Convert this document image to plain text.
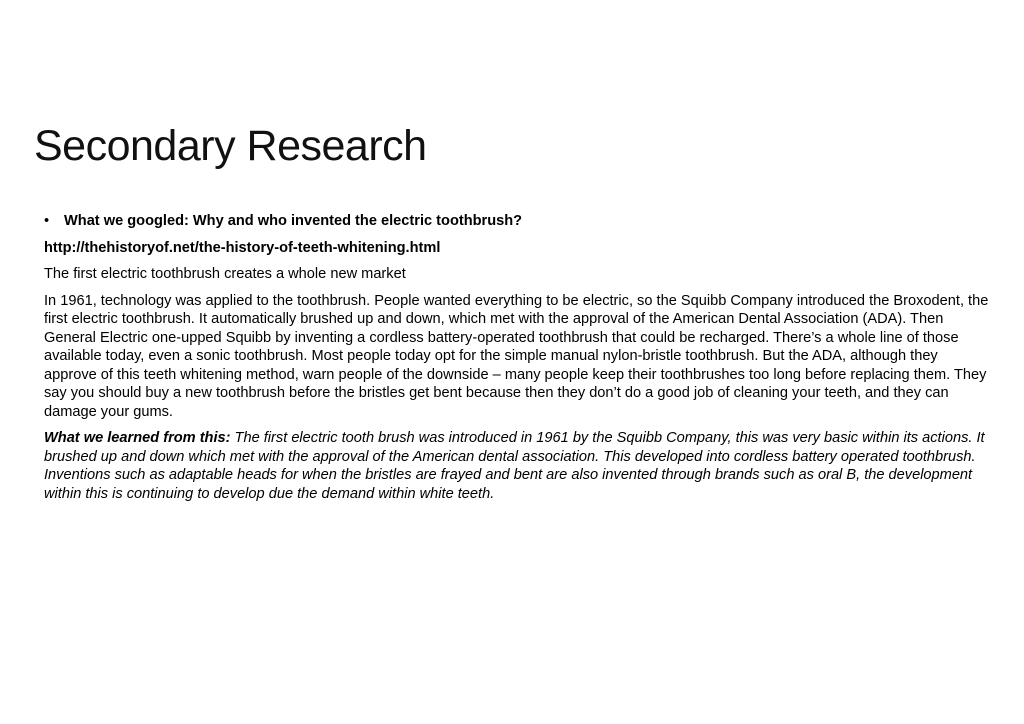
Secondary Research
•	What we googled: Why and who invented the electric toothbrush?

http://thehistoryof.net/the-history-of-teeth-whitening.html

The first electric toothbrush creates a whole new market

In 1961, technology was applied to the toothbrush. People wanted everything to be electric, so the Squibb Company introduced the Broxodent, the first electric toothbrush. It automatically brushed up and down, which met with the approval of the American Dental Association (ADA). Then General Electric one-upped Squibb by inventing a cordless battery-operated toothbrush that could be recharged. There’s a whole line of those available today, even a sonic toothbrush. Most people today opt for the simple manual nylon-bristle toothbrush. But the ADA, although they approve of this teeth whitening method, warn people of the downside – many people keep their toothbrushes too long before replacing them. They say you should buy a new toothbrush before the bristles get bent because then they don’t do a good job of cleaning your teeth, and they can damage your gums.

What we learned from this: The first electric tooth brush was introduced in 1961 by the Squibb Company, this was very basic within its actions. It brushed up and down which met with the approval of the American dental association. This developed into cordless battery operated toothbrush. Inventions such as adaptable heads for when the bristles are frayed and bent are also invented through brands such as oral B, the development within this is continuing to develop due the demand within white teeth.
